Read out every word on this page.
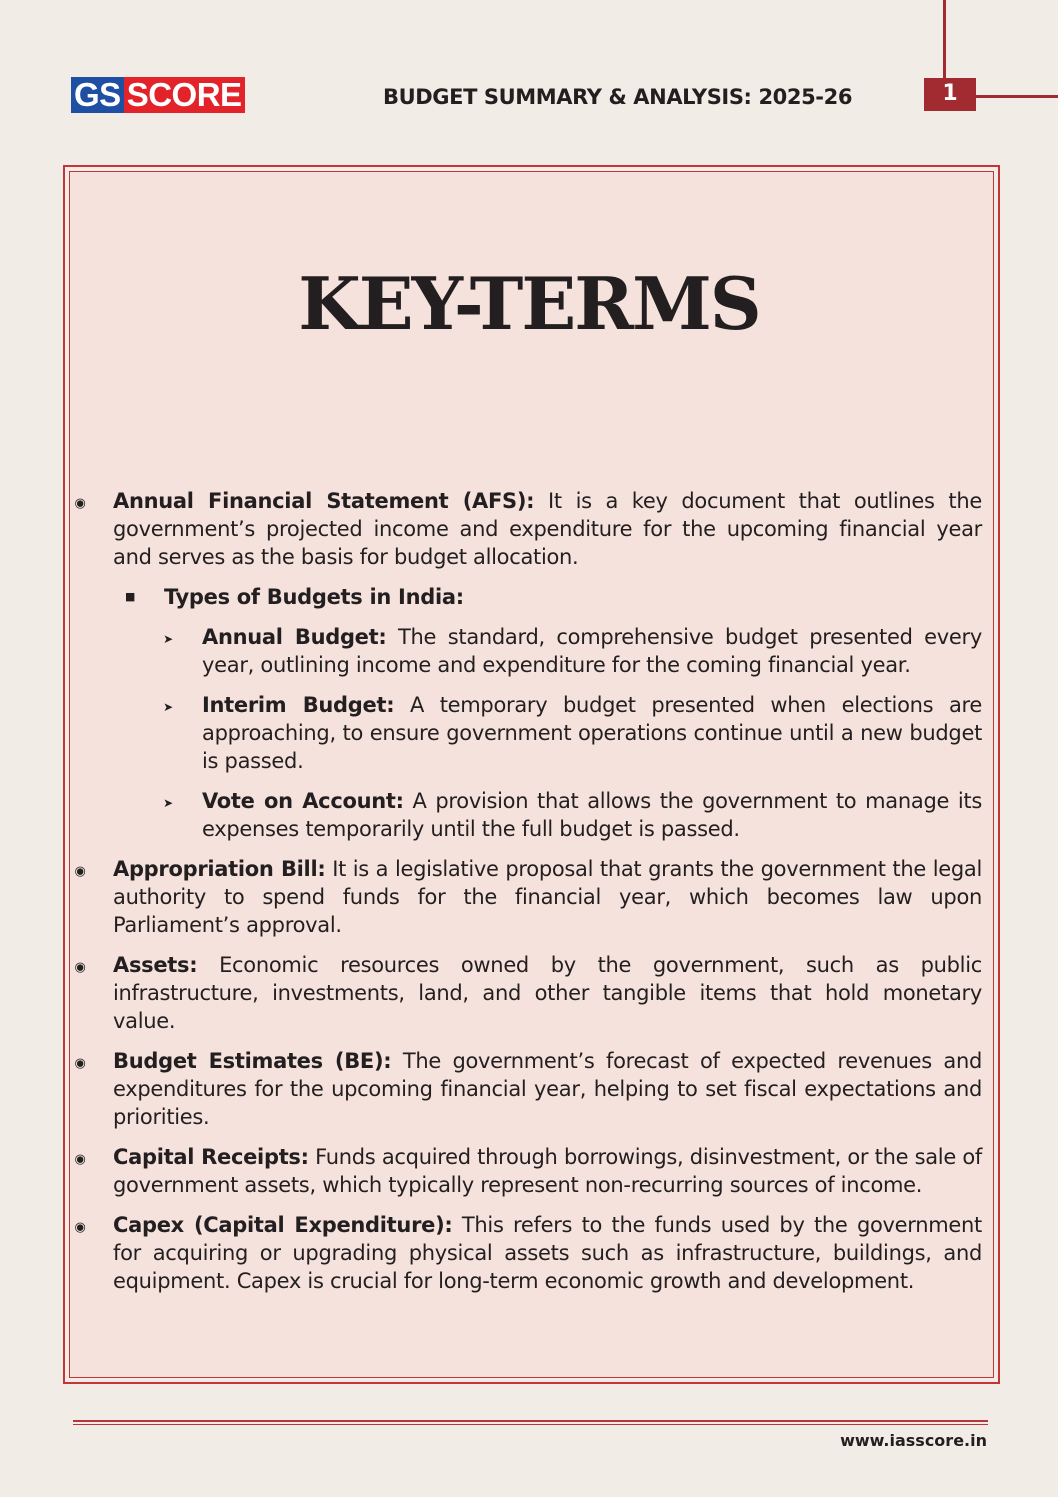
GS SCORE	BUDGET SUMMARY & ANALYSIS: 2025-26	1
KEY-TERMS
◉ Annual Financial Statement (AFS): It is a key document that outlines the government’s projected income and expenditure for the upcoming financial year and serves as the basis for budget allocation.
■ Types of Budgets in India:
➤ Annual Budget: The standard, comprehensive budget presented every year, outlining income and expenditure for the coming financial year.
➤ Interim Budget: A temporary budget presented when elections are approaching, to ensure government operations continue until a new budget is passed.
➤ Vote on Account: A provision that allows the government to manage its expenses temporarily until the full budget is passed.
◉ Appropriation Bill: It is a legislative proposal that grants the government the legal authority to spend funds for the financial year, which becomes law upon Parliament’s approval.
◉ Assets: Economic resources owned by the government, such as public infrastructure, investments, land, and other tangible items that hold monetary value.
◉ Budget Estimates (BE): The government’s forecast of expected revenues and expenditures for the upcoming financial year, helping to set fiscal expectations and priorities.
◉ Capital Receipts: Funds acquired through borrowings, disinvestment, or the sale of government assets, which typically represent non-recurring sources of income.
◉ Capex (Capital Expenditure): This refers to the funds used by the government for acquiring or upgrading physical assets such as infrastructure, buildings, and equipment. Capex is crucial for long-term economic growth and development.
www.iasscore.in
